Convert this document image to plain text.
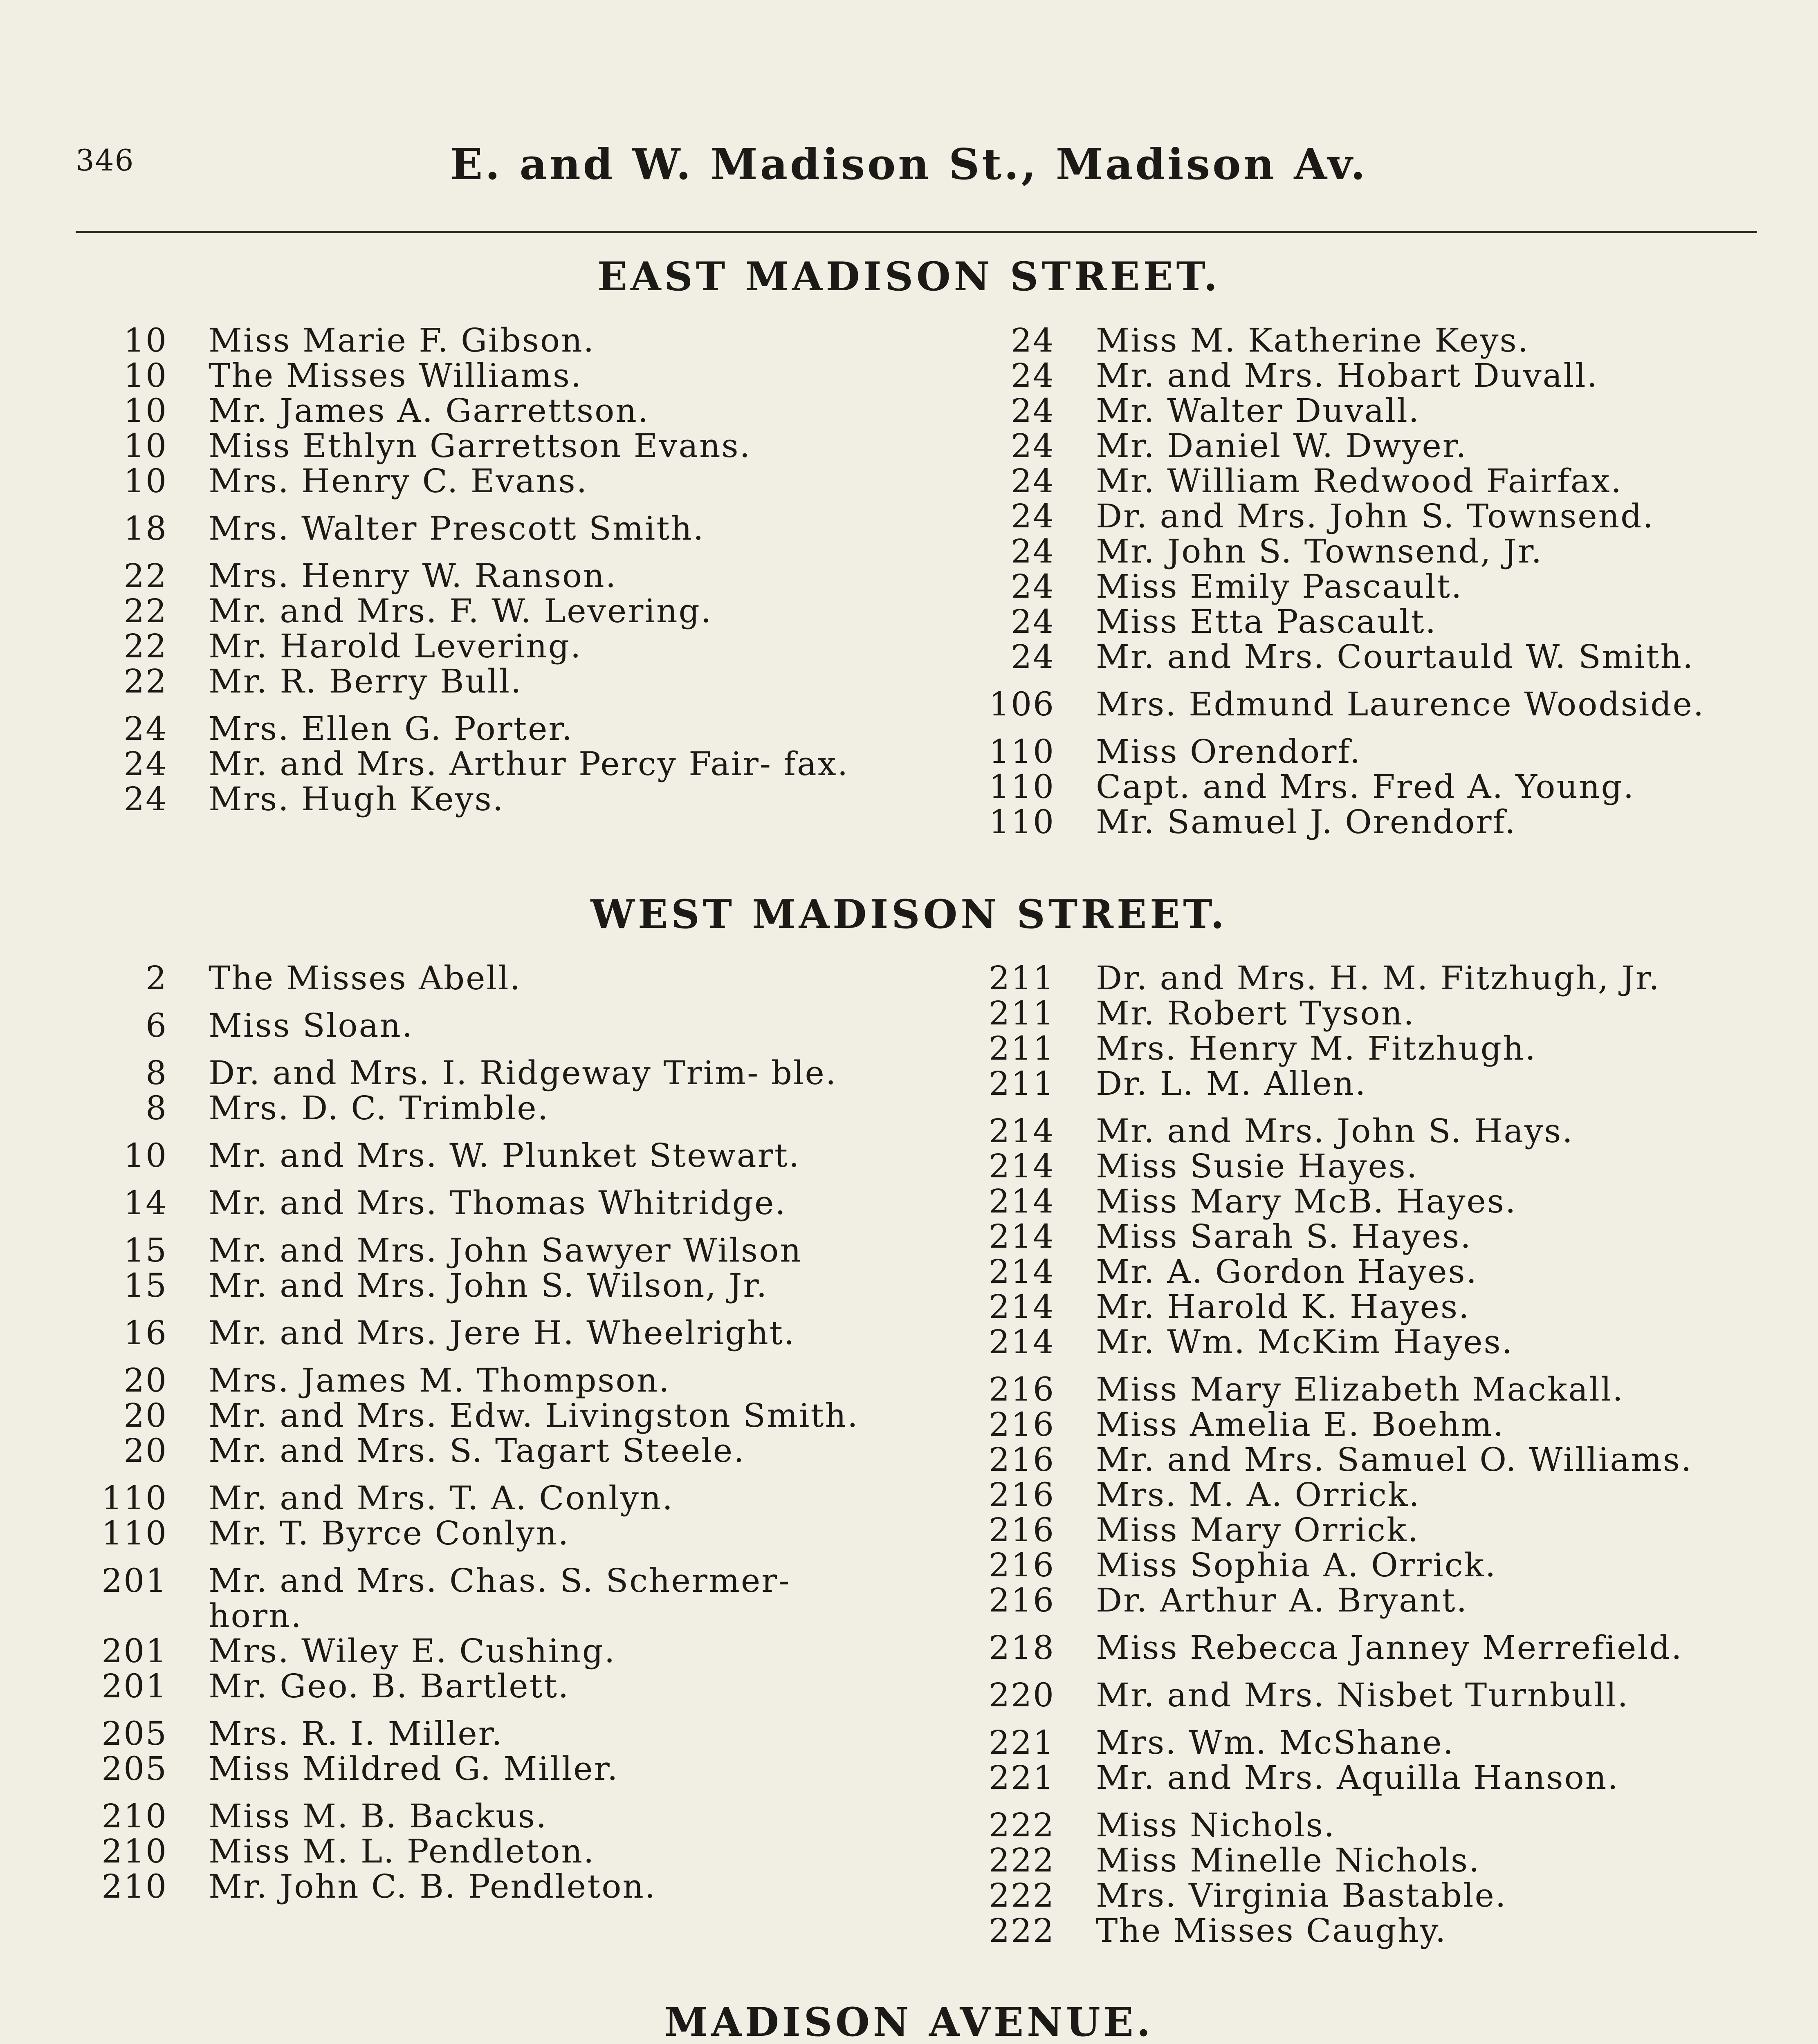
346	E. and W. Madison St., Madison Av.
EAST MADISON STREET.
10	Miss Marie F. Gibson.
10	The Misses Williams.
10	Mr. James A. Garrettson.
10	Miss Ethlyn Garrettson Evans.
10	Mrs. Henry C. Evans.
18	Mrs. Walter Prescott Smith.
22	Mrs. Henry W. Ranson.
22	Mr. and Mrs. F. W. Levering.
22	Mr. Harold Levering.
22	Mr. R. Berry Bull.
24	Mrs. Ellen G. Porter.
24	Mr. and Mrs. Arthur Percy Fair- fax.
24	Mrs. Hugh Keys.
24	Miss M. Katherine Keys.
24	Mr. and Mrs. Hobart Duvall.
24	Mr. Walter Duvall.
24	Mr. Daniel W. Dwyer.
24	Mr. William Redwood Fairfax.
24	Dr. and Mrs. John S. Townsend.
24	Mr. John S. Townsend, Jr.
24	Miss Emily Pascault.
24	Miss Etta Pascault.
24	Mr. and Mrs. Courtauld W. Smith.
106	Mrs. Edmund Laurence Woodside.
110	Miss Orendorf.
110	Capt. and Mrs. Fred A. Young.
110	Mr. Samuel J. Orendorf.
WEST MADISON STREET.
2	The Misses Abell.
6	Miss Sloan.
8	Dr. and Mrs. I. Ridgeway Trim- ble.
8	Mrs. D. C. Trimble.
10	Mr. and Mrs. W. Plunket Stewart.
14	Mr. and Mrs. Thomas Whitridge.
15	Mr. and Mrs. John Sawyer Wilson
15	Mr. and Mrs. John S. Wilson, Jr.
16	Mr. and Mrs. Jere H. Wheelright.
20	Mrs. James M. Thompson.
20	Mr. and Mrs. Edw. Livingston Smith.
20	Mr. and Mrs. S. Tagart Steele.
110	Mr. and Mrs. T. A. Conlyn.
110	Mr. T. Byrce Conlyn.
201	Mr. and Mrs. Chas. S. Schermer- horn.
201	Mrs. Wiley E. Cushing.
201	Mr. Geo. B. Bartlett.
205	Mrs. R. I. Miller.
205	Miss Mildred G. Miller.
210	Miss M. B. Backus.
210	Miss M. L. Pendleton.
210	Mr. John C. B. Pendleton.
211	Dr. and Mrs. H. M. Fitzhugh, Jr.
211	Mr. Robert Tyson.
211	Mrs. Henry M. Fitzhugh.
211	Dr. L. M. Allen.
214	Mr. and Mrs. John S. Hays.
214	Miss Susie Hayes.
214	Miss Mary McB. Hayes.
214	Miss Sarah S. Hayes.
214	Mr. A. Gordon Hayes.
214	Mr. Harold K. Hayes.
214	Mr. Wm. McKim Hayes.
216	Miss Mary Elizabeth Mackall.
216	Miss Amelia E. Boehm.
216	Mr. and Mrs. Samuel O. Williams.
216	Mrs. M. A. Orrick.
216	Miss Mary Orrick.
216	Miss Sophia A. Orrick.
216	Dr. Arthur A. Bryant.
218	Miss Rebecca Janney Merrefield.
220	Mr. and Mrs. Nisbet Turnbull.
221	Mrs. Wm. McShane.
221	Mr. and Mrs. Aquilla Hanson.
222	Miss Nichols.
222	Miss Minelle Nichols.
222	Mrs. Virginia Bastable.
222	The Misses Caughy.
MADISON AVENUE.
